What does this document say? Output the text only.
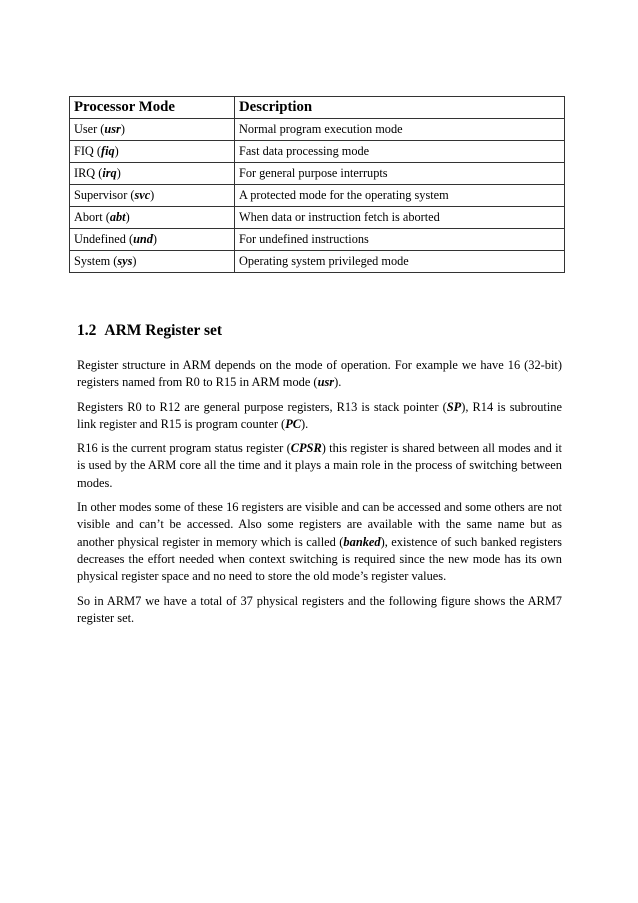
Processor Mode	Description
User (usr)	Normal program execution mode
FIQ (fiq)	Fast data processing mode
IRQ (irq)	For general purpose interrupts
Supervisor (svc)	A protected mode for the operating system
Abort (abt)	When data or instruction fetch is aborted
Undefined (und)	For undefined instructions
System (sys)	Operating system privileged mode
1.2 ARM Register set

Register structure in ARM depends on the mode of operation. For example we have 16 (32-bit) registers named from R0 to R15 in ARM mode (usr).

Registers R0 to R12 are general purpose registers, R13 is stack pointer (SP), R14 is subroutine link register and R15 is program counter (PC).

R16 is the current program status register (CPSR) this register is shared between all modes and it is used by the ARM core all the time and it plays a main role in the process of switching between modes.

In other modes some of these 16 registers are visible and can be accessed and some others are not visible and can’t be accessed. Also some registers are available with the same name but as another physical register in memory which is called (banked), existence of such banked registers decreases the effort needed when context switching is required since the new mode has its own physical register space and no need to store the old mode’s register values.

So in ARM7 we have a total of 37 physical registers and the following figure shows the ARM7 register set.
